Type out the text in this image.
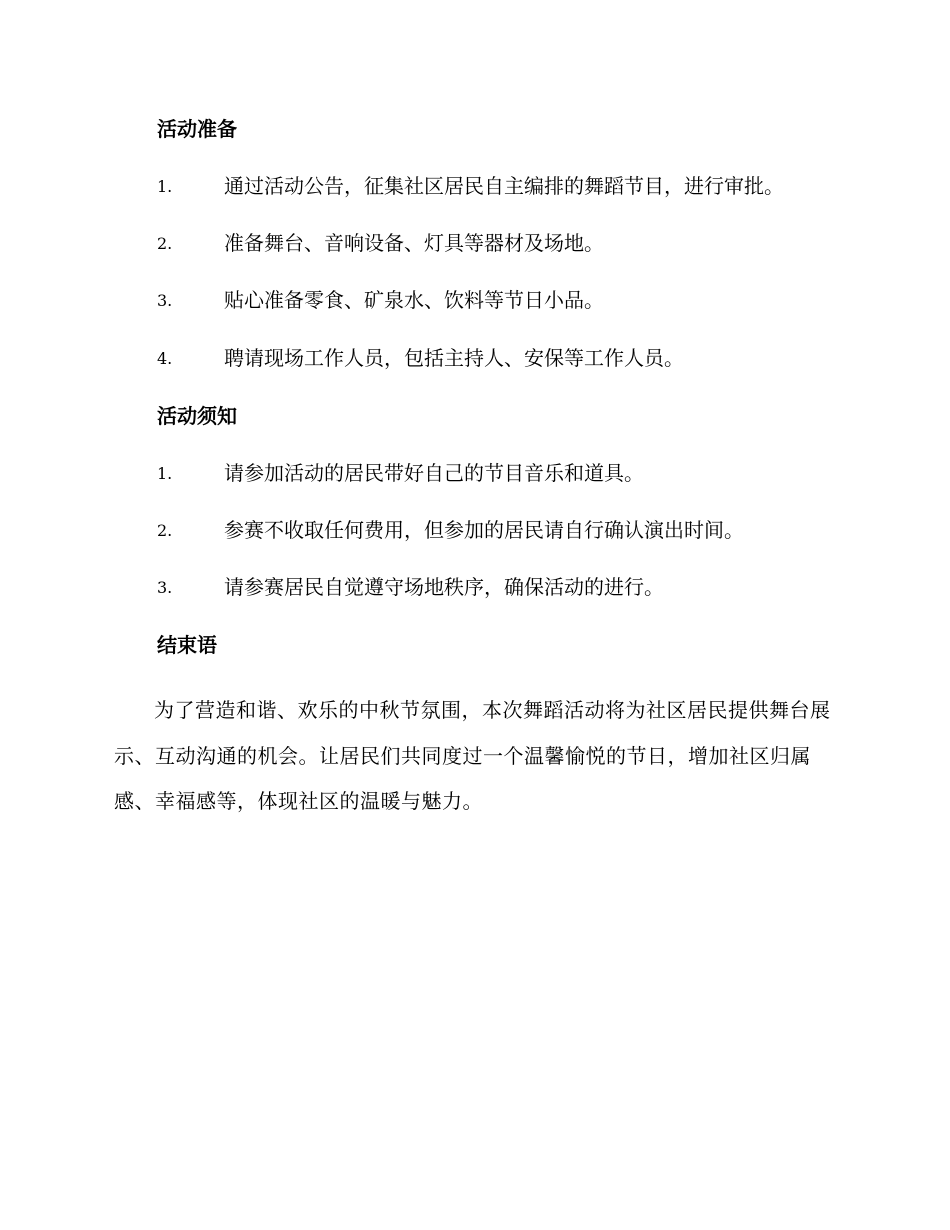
活动准备
1.	通过活动公告，征集社区居民自主编排的舞蹈节目，进行审批。
2.	准备舞台、音响设备、灯具等器材及场地。
3.	贴心准备零食、矿泉水、饮料等节日小品。
4.	聘请现场工作人员，包括主持人、安保等工作人员。
活动须知
1.	请参加活动的居民带好自己的节目音乐和道具。
2.	参赛不收取任何费用，但参加的居民请自行确认演出时间。
3.	请参赛居民自觉遵守场地秩序，确保活动的进行。
结束语
为了营造和谐、欢乐的中秋节氛围，本次舞蹈活动将为社区居民提供舞台展示、互动沟通的机会。让居民们共同度过一个温馨愉悦的节日，增加社区归属感、幸福感等，体现社区的温暖与魅力。
